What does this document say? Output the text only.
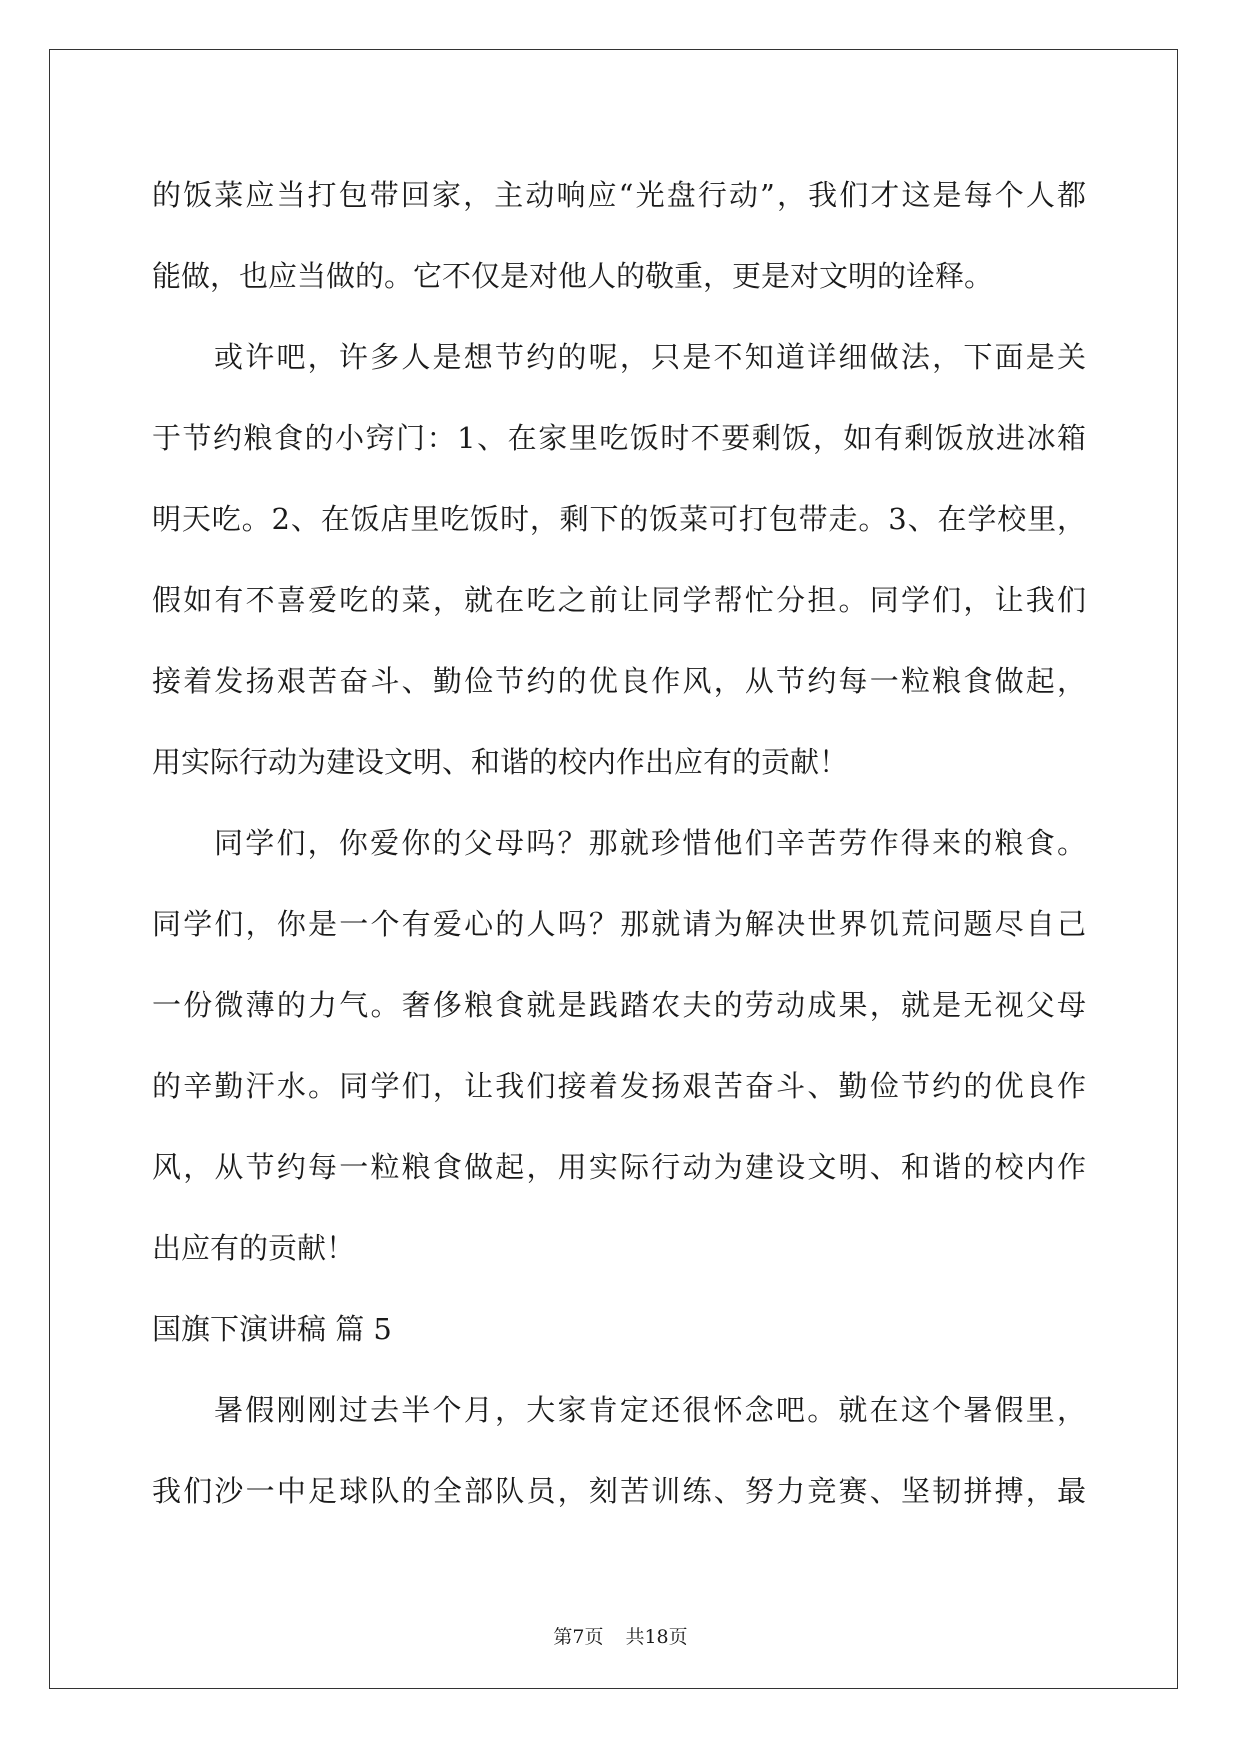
的饭菜应当打包带回家，主动响应“光盘行动”，我们才这是每个人都
能做，也应当做的。它不仅是对他人的敬重，更是对文明的诠释。
或许吧，许多人是想节约的呢，只是不知道详细做法，下面是关
于节约粮食的小窍门：1、在家里吃饭时不要剩饭，如有剩饭放进冰箱
明天吃。2、在饭店里吃饭时，剩下的饭菜可打包带走。3、在学校里，
假如有不喜爱吃的菜，就在吃之前让同学帮忙分担。同学们，让我们
接着发扬艰苦奋斗、勤俭节约的优良作风，从节约每一粒粮食做起，
用实际行动为建设文明、和谐的校内作出应有的贡献！
同学们，你爱你的父母吗？那就珍惜他们辛苦劳作得来的粮食。
同学们，你是一个有爱心的人吗？那就请为解决世界饥荒问题尽自己
一份微薄的力气。奢侈粮食就是践踏农夫的劳动成果，就是无视父母
的辛勤汗水。同学们，让我们接着发扬艰苦奋斗、勤俭节约的优良作
风，从节约每一粒粮食做起，用实际行动为建设文明、和谐的校内作
出应有的贡献！
国旗下演讲稿 篇 5
暑假刚刚过去半个月，大家肯定还很怀念吧。就在这个暑假里，
我们沙一中足球队的全部队员，刻苦训练、努力竞赛、坚韧拼搏，最
第7页 共18页
